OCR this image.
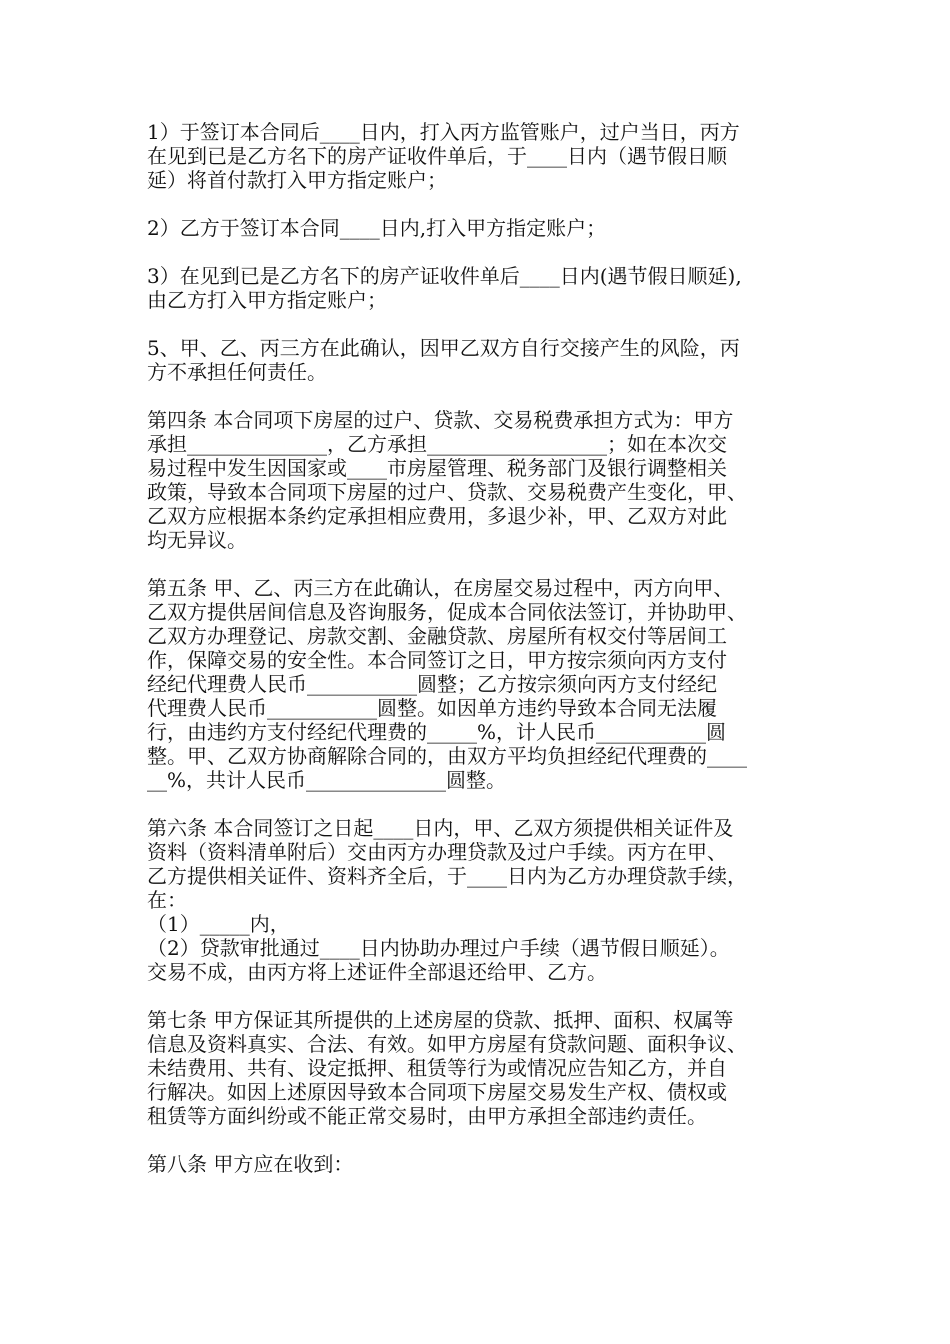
1）于签订本合同后____日内，打入丙方监管账户，过户当日，丙方
在见到已是乙方名下的房产证收件单后，于____日内（遇节假日顺
延）将首付款打入甲方指定账户；
2）乙方于签订本合同____日内,打入甲方指定账户；
3）在见到已是乙方名下的房产证收件单后____日内(遇节假日顺延),
由乙方打入甲方指定账户；
5、甲、乙、丙三方在此确认，因甲乙双方自行交接产生的风险，丙
方不承担任何责任。
第四条 本合同项下房屋的过户、贷款、交易税费承担方式为：甲方
承担______________，乙方承担__________________；如在本次交
易过程中发生因国家或____市房屋管理、税务部门及银行调整相关
政策，导致本合同项下房屋的过户、贷款、交易税费产生变化，甲、
乙双方应根据本条约定承担相应费用，多退少补，甲、乙双方对此
均无异议。
第五条 甲、乙、丙三方在此确认，在房屋交易过程中，丙方向甲、
乙双方提供居间信息及咨询服务，促成本合同依法签订，并协助甲、
乙双方办理登记、房款交割、金融贷款、房屋所有权交付等居间工
作，保障交易的安全性。本合同签订之日，甲方按宗须向丙方支付
经纪代理费人民币___________圆整；乙方按宗须向丙方支付经纪
代理费人民币___________圆整。如因单方违约导致本合同无法履
行，由违约方支付经纪代理费的_____%，计人民币___________圆
整。甲、乙双方协商解除合同的，由双方平均负担经纪代理费的____
__%，共计人民币______________圆整。
第六条 本合同签订之日起____日内，甲、乙双方须提供相关证件及
资料（资料清单附后）交由丙方办理贷款及过户手续。丙方在甲、
乙方提供相关证件、资料齐全后，于____日内为乙方办理贷款手续，
在：
（1）_____内，
（2）贷款审批通过____日内协助办理过户手续（遇节假日顺延）。
交易不成，由丙方将上述证件全部退还给甲、乙方。
第七条 甲方保证其所提供的上述房屋的贷款、抵押、面积、权属等
信息及资料真实、合法、有效。如甲方房屋有贷款问题、面积争议、
未结费用、共有、设定抵押、租赁等行为或情况应告知乙方，并自
行解决。如因上述原因导致本合同项下房屋交易发生产权、债权或
租赁等方面纠纷或不能正常交易时，由甲方承担全部违约责任。
第八条 甲方应在收到：
